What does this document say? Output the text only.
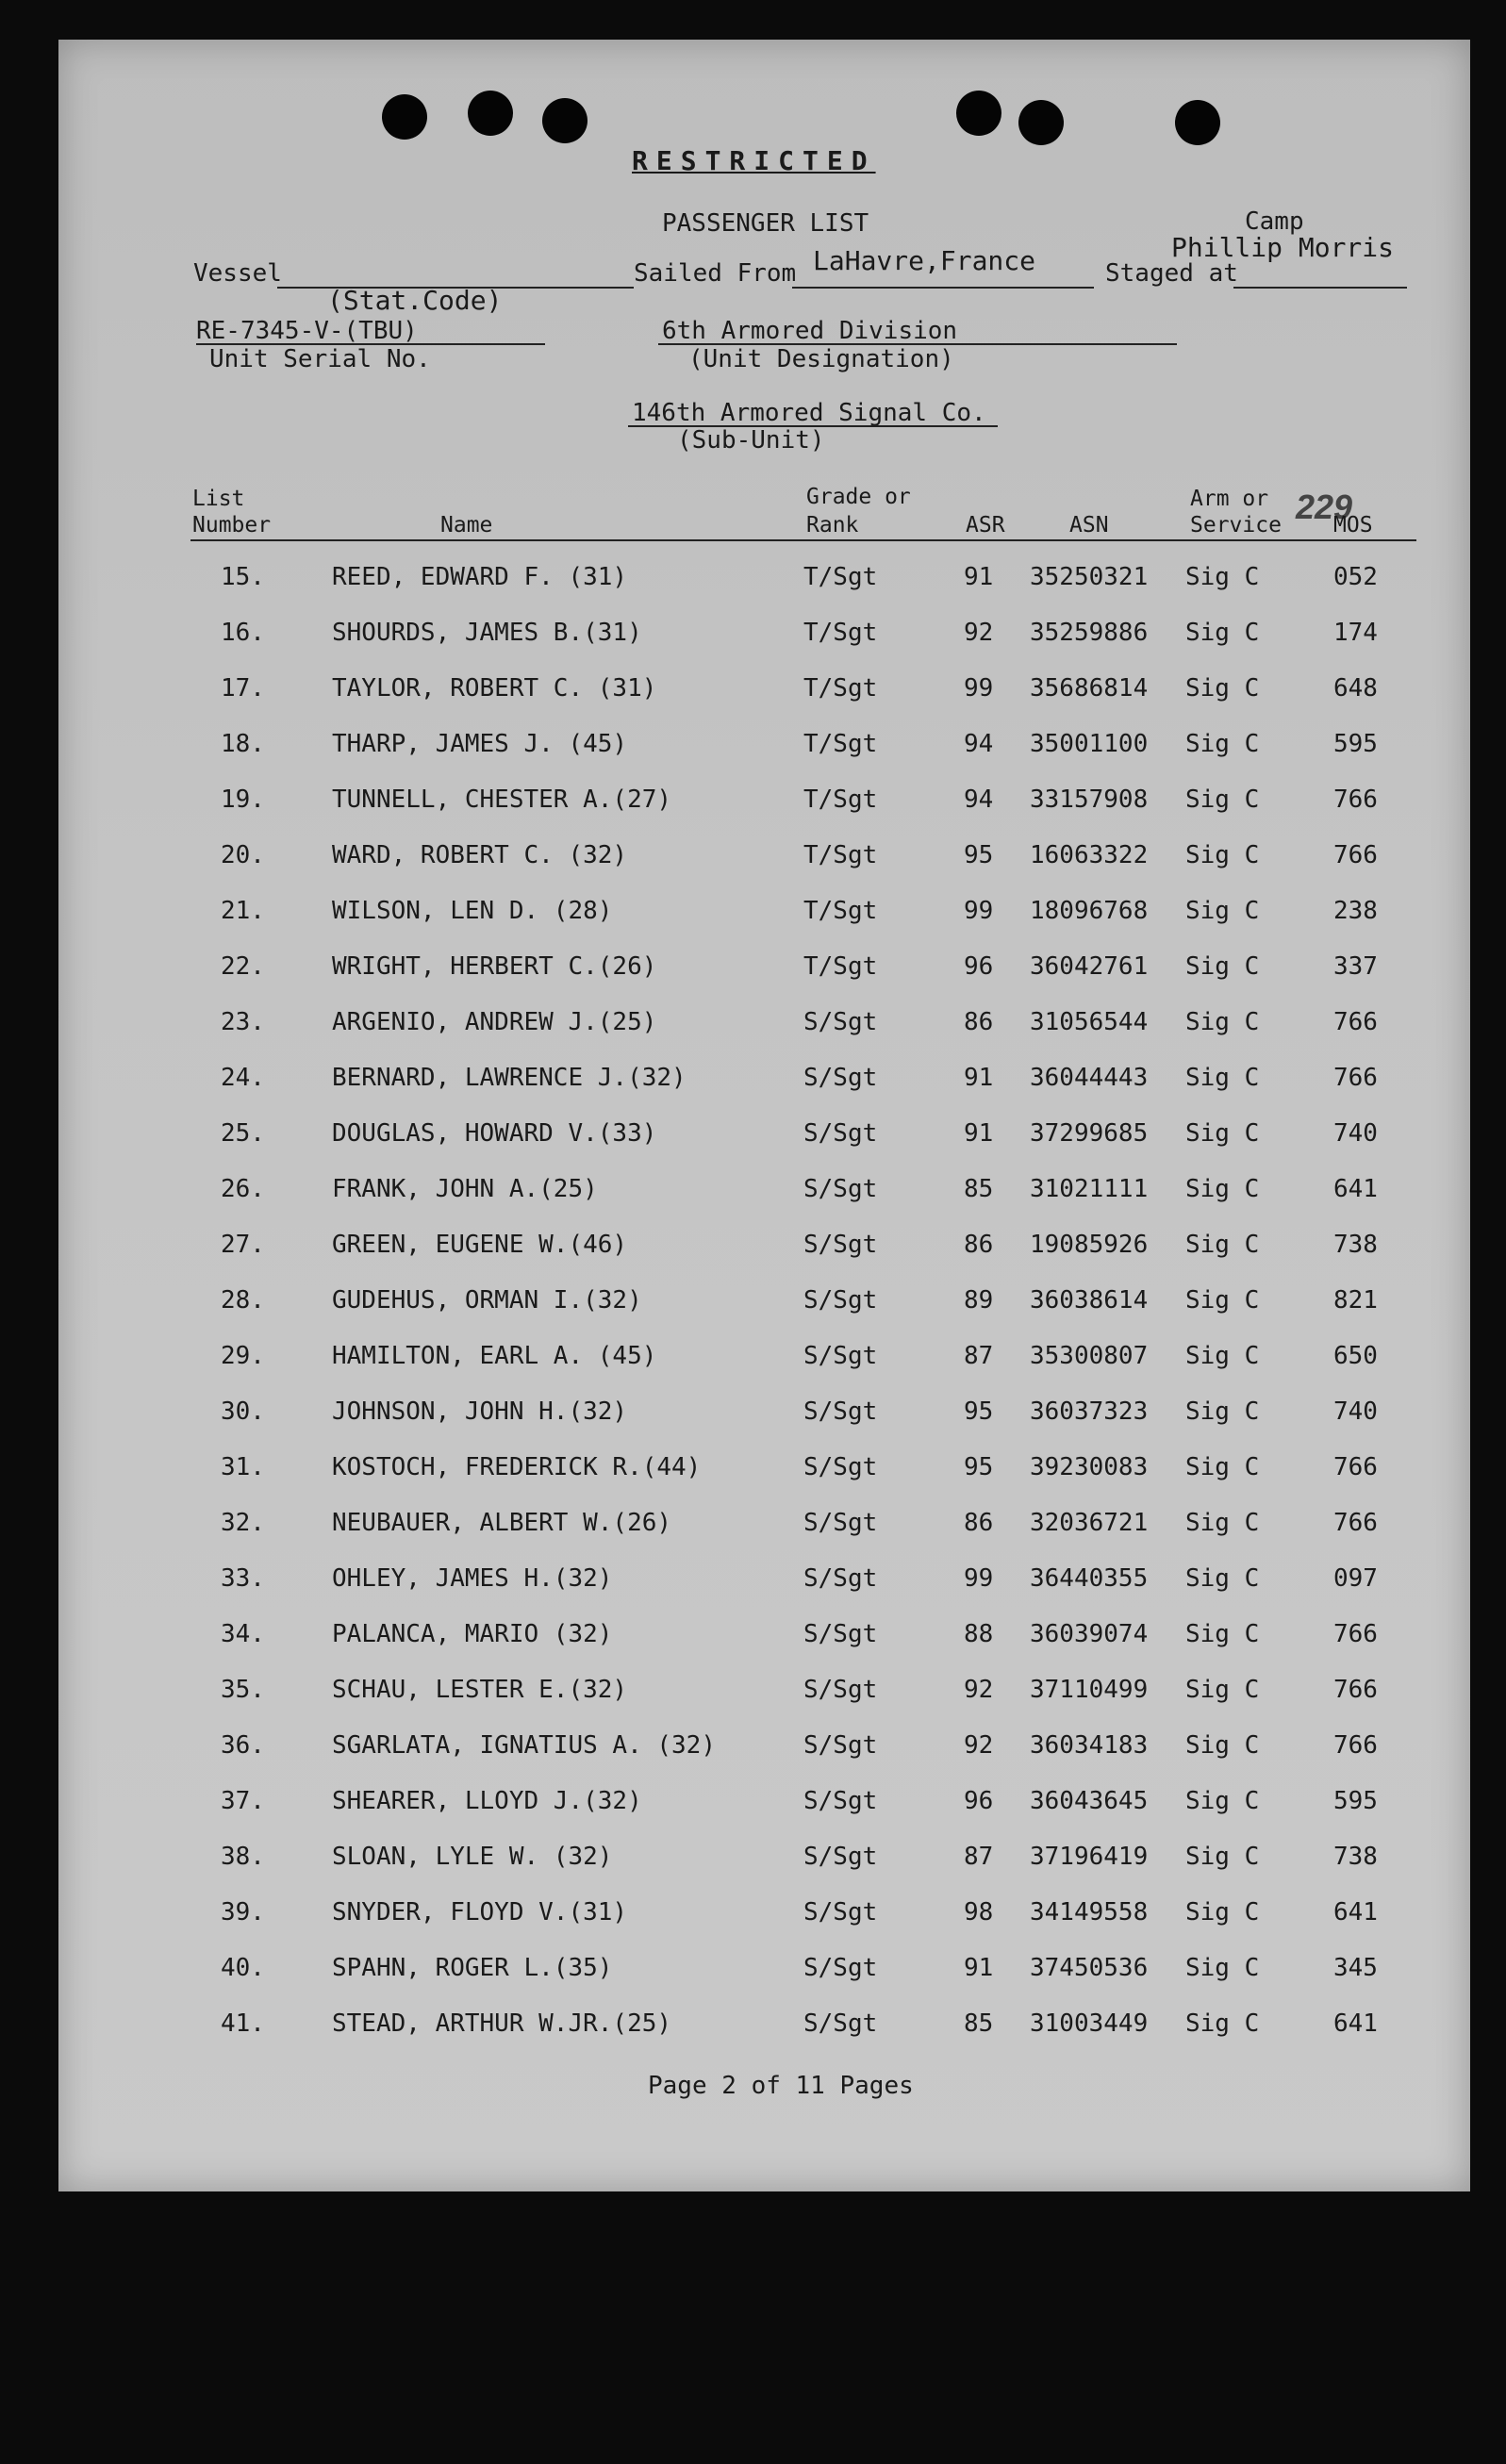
RESTRICTED
PASSENGER LIST
Vessel
(Stat.Code)
Sailed From LaHavre,France	Staged at
Camp
Phillip Morris
RE-7345-V-(TBU)
Unit Serial No.
6th Armored Division
(Unit Designation)
146th Armored Signal Co.
(Sub-Unit)
229
List
Number	Name
Grade or
Rank	ASR	ASN
Arm or
Service MOS
15.	REED, EDWARD F. (31)	T/Sgt	91 35250321 Sig C	052
16.	SHOURDS, JAMES B.(31)	T/Sgt	92 35259886 Sig C	174
17.	TAYLOR, ROBERT C. (31)	T/Sgt	99 35686814 Sig C	648
18.	THARP, JAMES J. (45)	T/Sgt	94 35001100 Sig C	595
19.	TUNNELL, CHESTER A.(27)	T/Sgt	94 33157908 Sig C	766
20.	WARD, ROBERT C. (32)	T/Sgt	95 16063322 Sig C	766
21.	WILSON, LEN D. (28)	T/Sgt	99 18096768 Sig C	238
22.	WRIGHT, HERBERT C.(26)	T/Sgt	96 36042761 Sig C	337
23.	ARGENIO, ANDREW J.(25)	S/Sgt	86 31056544 Sig C	766
24.	BERNARD, LAWRENCE J.(32)	S/Sgt	91 36044443 Sig C	766
25.	DOUGLAS, HOWARD V.(33)	S/Sgt	91 37299685 Sig C	740
26.	FRANK, JOHN A.(25)	S/Sgt	85 31021111 Sig C	641
27.	GREEN, EUGENE W.(46)	S/Sgt	86 19085926 Sig C	738
28.	GUDEHUS, ORMAN I.(32)	S/Sgt	89 36038614 Sig C	821
29.	HAMILTON, EARL A. (45)	S/Sgt	87 35300807 Sig C	650
30.	JOHNSON, JOHN H.(32)	S/Sgt	95 36037323 Sig C	740
31.	KOSTOCH, FREDERICK R.(44)	S/Sgt	95 39230083 Sig C	766
32.	NEUBAUER, ALBERT W.(26)	S/Sgt	86 32036721 Sig C	766
33.	OHLEY, JAMES H.(32)	S/Sgt	99 36440355 Sig C	097
34.	PALANCA, MARIO (32)	S/Sgt	88 36039074 Sig C	766
35.	SCHAU, LESTER E.(32)	S/Sgt	92 37110499 Sig C	766
36.	SGARLATA, IGNATIUS A. (32)	S/Sgt	92 36034183 Sig C	766
37.	SHEARER, LLOYD J.(32)	S/Sgt	96 36043645 Sig C	595
38.	SLOAN, LYLE W. (32)	S/Sgt	87 37196419 Sig C	738
39.	SNYDER, FLOYD V.(31)	S/Sgt	98 34149558 Sig C	641
40.	SPAHN, ROGER L.(35)	S/Sgt	91 37450536 Sig C	345
41.	STEAD, ARTHUR W.JR.(25)	S/Sgt	85 31003449 Sig C	641
Page 2 of 11 Pages
